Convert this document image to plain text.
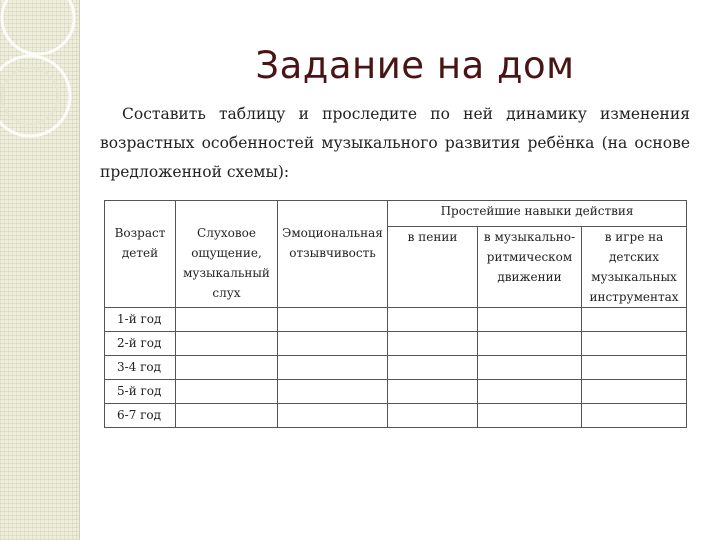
Задание на дом

Составить таблицу и проследите по ней динамику изменения возрастных особенностей музыкального развития ребёнка (на основе предложенной схемы):

Возраст детей	Слуховое ощущение, музыкальный слух	Эмоциональная отзывчивость	Простейшие навыки действия		
			в пении	в музыкально-ритмическом движении	в игре на детских музыкальных инструментах
1-й год					
2-й год					
3-4 год					
5-й год					
6-7 год					
